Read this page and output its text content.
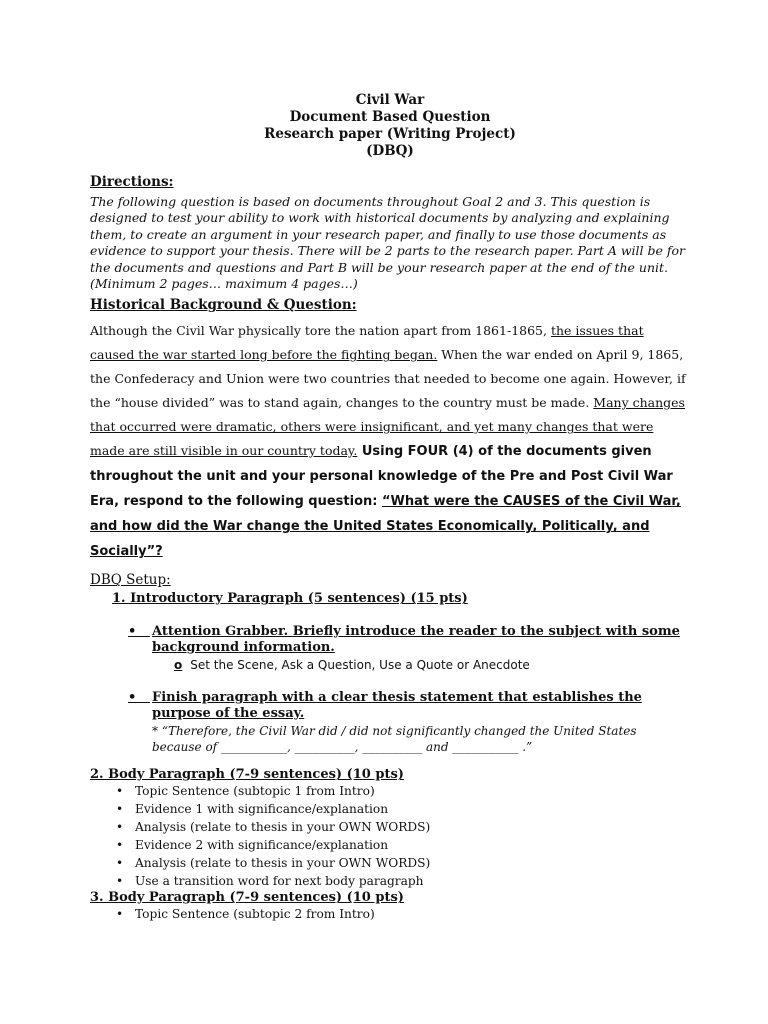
Civil War
Document Based Question
Research paper (Writing Project)
(DBQ)
Directions:
The following question is based on documents throughout Goal 2 and 3. This question is designed to test your ability to work with historical documents by analyzing and explaining them, to create an argument in your research paper, and finally to use those documents as evidence to support your thesis. There will be 2 parts to the research paper. Part A will be for the documents and questions and Part B will be your research paper at the end of the unit. (Minimum 2 pages… maximum 4 pages…)
Historical Background & Question:
Although the Civil War physically tore the nation apart from 1861-1865, the issues that caused the war started long before the fighting began. When the war ended on April 9, 1865, the Confederacy and Union were two countries that needed to become one again. However, if the “house divided” was to stand again, changes to the country must be made. Many changes that occurred were dramatic, others were insignificant, and yet many changes that were made are still visible in our country today. Using FOUR (4) of the documents given throughout the unit and your personal knowledge of the Pre and Post Civil War Era, respond to the following question: “What were the CAUSES of the Civil War, and how did the War change the United States Economically, Politically, and Socially”?
DBQ Setup:
1. Introductory Paragraph (5 sentences) (15 pts)
• Attention Grabber. Briefly introduce the reader to the subject with some background information.
o Set the Scene, Ask a Question, Use a Quote or Anecdote
• Finish paragraph with a clear thesis statement that establishes the purpose of the essay.
* “Therefore, the Civil War did / did not significantly changed the United States
because of ___________, __________, __________ and ___________ .”
2. Body Paragraph (7-9 sentences) (10 pts)
• Topic Sentence (subtopic 1 from Intro)
• Evidence 1 with significance/explanation
• Analysis (relate to thesis in your OWN WORDS)
• Evidence 2 with significance/explanation
• Analysis (relate to thesis in your OWN WORDS)
• Use a transition word for next body paragraph
3. Body Paragraph (7-9 sentences) (10 pts)
• Topic Sentence (subtopic 2 from Intro)
